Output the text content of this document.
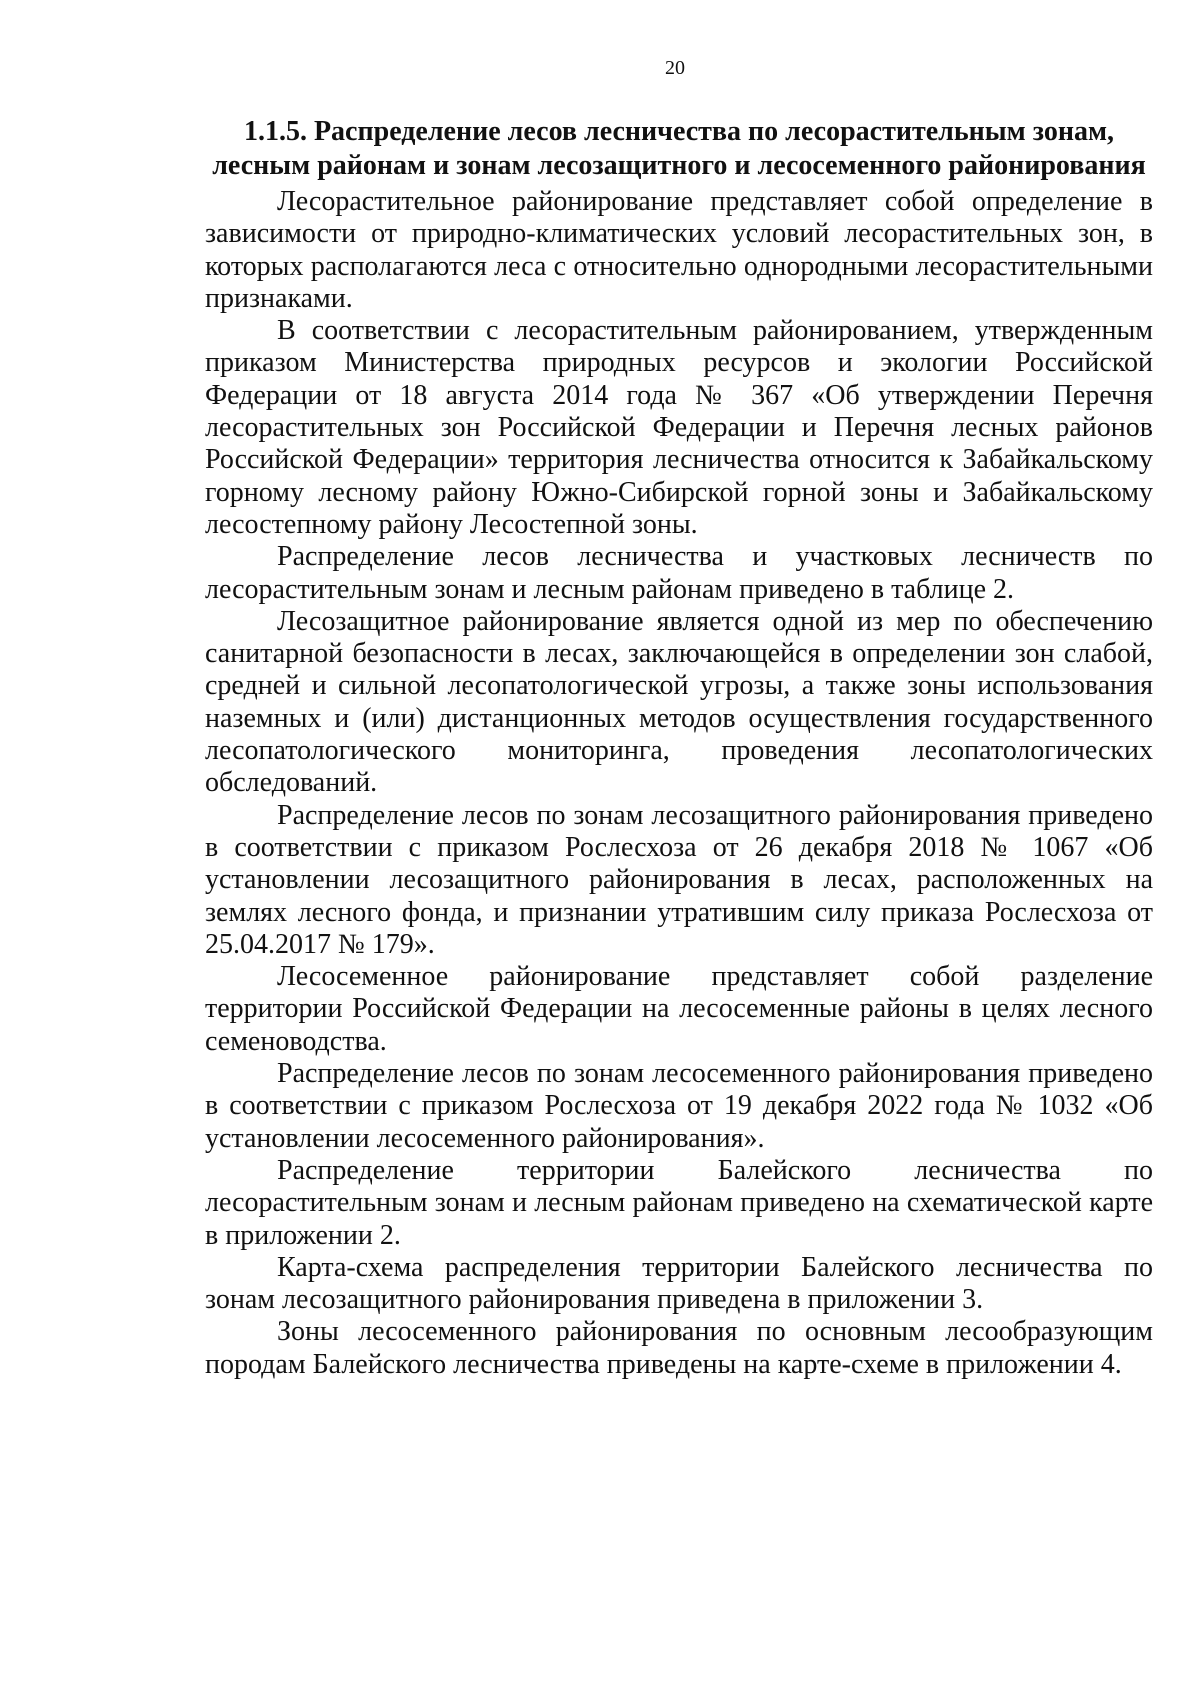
20
1.1.5. Распределение лесов лесничества по лесорастительным зонам, лесным районам и зонам лесозащитного и лесосеменного районирования

Лесорастительное районирование представляет собой определение в зависимости от природно-климатических условий лесорастительных зон, в которых располагаются леса с относительно однородными лесорастительными признаками.

В соответствии с лесорастительным районированием, утвержденным приказом Министерства природных ресурсов и экологии Российской Федерации от 18 августа 2014 года № 367 «Об утверждении Перечня лесорастительных зон Российской Федерации и Перечня лесных районов Российской Федерации» территория лесничества относится к Забайкальскому горному лесному району Южно-Сибирской горной зоны и Забайкальскому лесостепному району Лесостепной зоны.

Распределение лесов лесничества и участковых лесничеств по лесорастительным зонам и лесным районам приведено в таблице 2.

Лесозащитное районирование является одной из мер по обеспечению санитарной безопасности в лесах, заключающейся в определении зон слабой, средней и сильной лесопатологической угрозы, а также зоны использования наземных и (или) дистанционных методов осуществления государственного лесопатологического мониторинга, проведения лесопатологических обследований.

Распределение лесов по зонам лесозащитного районирования приведено в соответствии с приказом Рослесхоза от 26 декабря 2018 № 1067 «Об установлении лесозащитного районирования в лесах, расположенных на землях лесного фонда, и признании утратившим силу приказа Рослесхоза от 25.04.2017 № 179».

Лесосеменное районирование представляет собой разделение территории Российской Федерации на лесосеменные районы в целях лесного семеноводства.

Распределение лесов по зонам лесосеменного районирования приведено в соответствии с приказом Рослесхоза от 19 декабря 2022 года № 1032 «Об установлении лесосеменного районирования».

Распределение территории Балейского лесничества по лесорастительным зонам и лесным районам приведено на схематической карте в приложении 2.

Карта-схема распределения территории Балейского лесничества по зонам лесозащитного районирования приведена в приложении 3.

Зоны лесосеменного районирования по основным лесообразующим породам Балейского лесничества приведены на карте-схеме в приложении 4.
